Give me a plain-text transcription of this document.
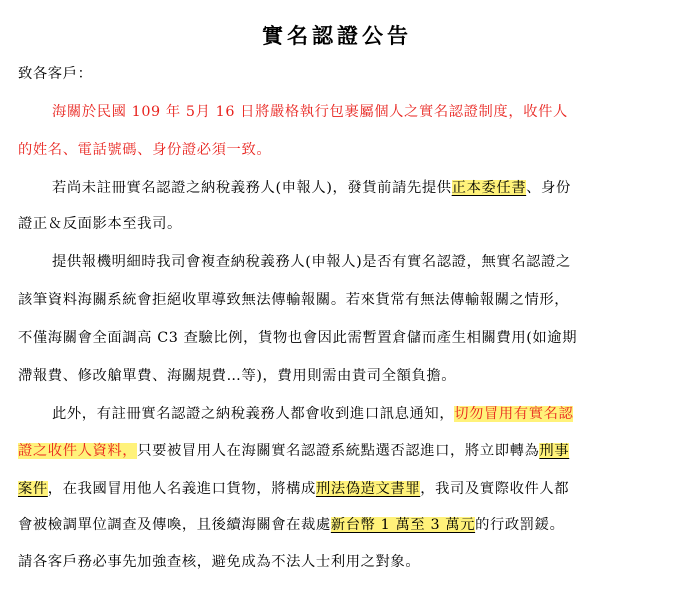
實名認證公告
致各客戶：
海關於民國 109 年 5月 16 日將嚴格執行包裹屬個人之實名認證制度，收件人
的姓名、電話號碼、身份證必須一致。
若尚未註冊實名認證之納稅義務人(申報人)，發貨前請先提供正本委任書、身份
證正＆反面影本至我司。
提供報機明細時我司會複查納稅義務人(申報人)是否有實名認證，無實名認證之
該筆資料海關系統會拒絕收單導致無法傳輸報關。若來貨常有無法傳輸報關之情形，
不僅海關會全面調高 C3 查驗比例，貨物也會因此需暫置倉儲而產生相關費用(如逾期
滯報費、修改艙單費、海關規費…等)，費用則需由貴司全額負擔。
此外，有註冊實名認證之納稅義務人都會收到進口訊息通知，切勿冒用有實名認
證之收件人資料，只要被冒用人在海關實名認證系統點選否認進口，將立即轉為刑事
案件，在我國冒用他人名義進口貨物，將構成刑法偽造文書罪，我司及實際收件人都
會被檢調單位調查及傳喚，且後續海關會在裁處新台幣 1 萬至 3 萬元的行政罰鍰。
請各客戶務必事先加強查核，避免成為不法人士利用之對象。
